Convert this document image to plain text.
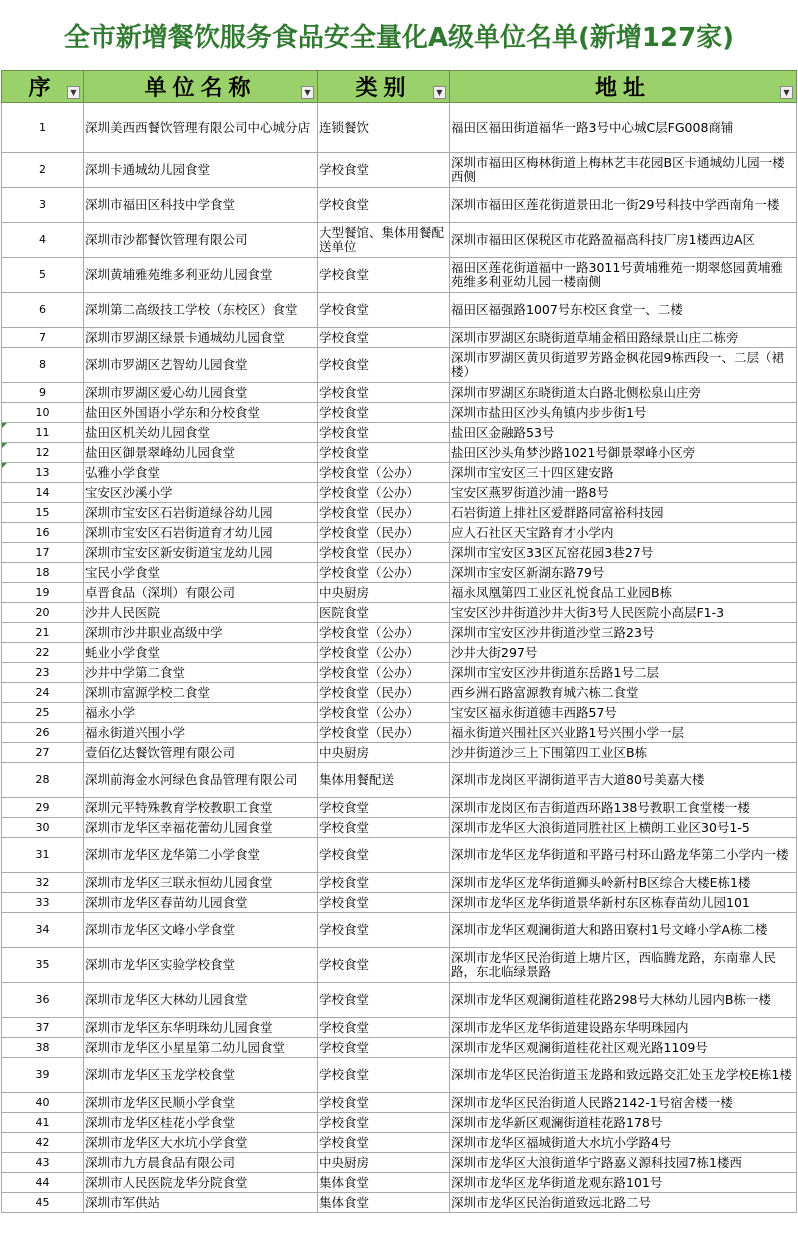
全市新增餐饮服务食品安全量化A级单位名单(新增127家)
序 ▼	单位名称 ▼	类别 ▼	地址 ▼

1	深圳美西西餐饮管理有限公司中心城分店	连锁餐饮	福田区福田街道福华一路3号中心城C层FG008商铺
2	深圳卡通城幼儿园食堂	学校食堂	深圳市福田区梅林街道上梅林艺丰花园B区卡通城幼儿园一楼西侧
3	深圳市福田区科技中学食堂	学校食堂	深圳市福田区莲花街道景田北一街29号科技中学西南角一楼
4	深圳市沙都餐饮管理有限公司	大型餐馆、集体用餐配送单位	深圳市福田区保税区市花路盈福高科技厂房1楼西边A区
5	深圳黄埔雅苑维多利亚幼儿园食堂	学校食堂	福田区莲花街道福中一路3011号黄埔雅苑一期翠悠园黄埔雅苑维多利亚幼儿园一楼南侧
6	深圳第二高级技工学校（东校区）食堂	学校食堂	福田区福强路1007号东校区食堂一、二楼
7	深圳市罗湖区绿景卡通城幼儿园食堂	学校食堂	深圳市罗湖区东晓街道草埔金稻田路绿景山庄二栋旁
8	深圳市罗湖区艺智幼儿园食堂	学校食堂	深圳市罗湖区黄贝街道罗芳路金枫花园9栋西段一、二层（裙楼）
9	深圳市罗湖区爱心幼儿园食堂	学校食堂	深圳市罗湖区东晓街道太白路北侧松泉山庄旁
10	盐田区外国语小学东和分校食堂	学校食堂	深圳市盐田区沙头角镇内步步街1号
11	盐田区机关幼儿园食堂	学校食堂	盐田区金融路53号
12	盐田区御景翠峰幼儿园食堂	学校食堂	盐田区沙头角梦沙路1021号御景翠峰小区旁
13	弘雅小学食堂	学校食堂（公办）	深圳市宝安区三十四区建安路
14	宝安区沙溪小学	学校食堂（公办）	宝安区燕罗街道沙浦一路8号
15	深圳市宝安区石岩街道绿谷幼儿园	学校食堂（民办）	石岩街道上排社区爱群路同富裕科技园
16	深圳市宝安区石岩街道育才幼儿园	学校食堂（民办）	应人石社区天宝路育才小学内
17	深圳市宝安区新安街道宝龙幼儿园	学校食堂（民办）	深圳市宝安区33区瓦窑花园3巷27号
18	宝民小学食堂	学校食堂（公办）	深圳市宝安区新湖东路79号
19	卓晋食品（深圳）有限公司	中央厨房	福永凤凰第四工业区礼悦食品工业园B栋
20	沙井人民医院	医院食堂	宝安区沙井街道沙井大街3号人民医院小高层F1-3
21	深圳市沙井职业高级中学	学校食堂（公办）	深圳市宝安区沙井街道沙堂三路23号
22	蚝业小学食堂	学校食堂（公办）	沙井大街297号
23	沙井中学第二食堂	学校食堂（公办）	深圳市宝安区沙井街道东岳路1号二层
24	深圳市富源学校二食堂	学校食堂（民办）	西乡洲石路富源教育城六栋二食堂
25	福永小学	学校食堂（公办）	宝安区福永街道德丰西路57号
26	福永街道兴围小学	学校食堂（民办）	福永街道兴围社区兴业路1号兴围小学一层
27	壹佰亿达餐饮管理有限公司	中央厨房	沙井街道沙三上下围第四工业区B栋
28	深圳前海金水河绿色食品管理有限公司	集体用餐配送	深圳市龙岗区平湖街道平吉大道80号美嘉大楼
29	深圳元平特殊教育学校教职工食堂	学校食堂	深圳市龙岗区布吉街道西环路138号教职工食堂楼一楼
30	深圳市龙华区幸福花蕾幼儿园食堂	学校食堂	深圳市龙华区大浪街道同胜社区上横朗工业区30号1-5
31	深圳市龙华区龙华第二小学食堂	学校食堂	深圳市龙华区龙华街道和平路弓村环山路龙华第二小学内一楼
32	深圳市龙华区三联永恒幼儿园食堂	学校食堂	深圳市龙华区龙华街道狮头岭新村B区综合大楼E栋1楼
33	深圳市龙华区春苗幼儿园食堂	学校食堂	深圳市龙华区龙华街道景华新村东区栋春苗幼儿园101
34	深圳市龙华区文峰小学食堂	学校食堂	深圳市龙华区观澜街道大和路田寮村1号文峰小学A栋二楼
35	深圳市龙华区实验学校食堂	学校食堂	深圳市龙华区民治街道上塘片区，西临腾龙路，东南靠人民路，东北临绿景路
36	深圳市龙华区大林幼儿园食堂	学校食堂	深圳市龙华区观澜街道桂花路298号大林幼儿园内B栋一楼
37	深圳市龙华区东华明珠幼儿园食堂	学校食堂	深圳市龙华区龙华街道建设路东华明珠园内
38	深圳市龙华区小星星第二幼儿园食堂	学校食堂	深圳市龙华区观澜街道桂花社区观光路1109号
39	深圳市龙华区玉龙学校食堂	学校食堂	深圳市龙华区民治街道玉龙路和致远路交汇处玉龙学校E栋1楼
40	深圳市龙华区民顺小学食堂	学校食堂	深圳市龙华区民治街道人民路2142-1号宿舍楼一楼
41	深圳市龙华区桂花小学食堂	学校食堂	深圳市龙华新区观澜街道桂花路178号
42	深圳市龙华区大水坑小学食堂	学校食堂	深圳市龙华区福城街道大水坑小学路4号
43	深圳市九方晨食品有限公司	中央厨房	深圳市龙华区大浪街道华宁路嘉义源科技园7栋1楼西
44	深圳市人民医院龙华分院食堂	集体食堂	深圳市龙华区龙华街道龙观东路101号
45	深圳市军供站	集体食堂	深圳市龙华区民治街道致远北路二号
